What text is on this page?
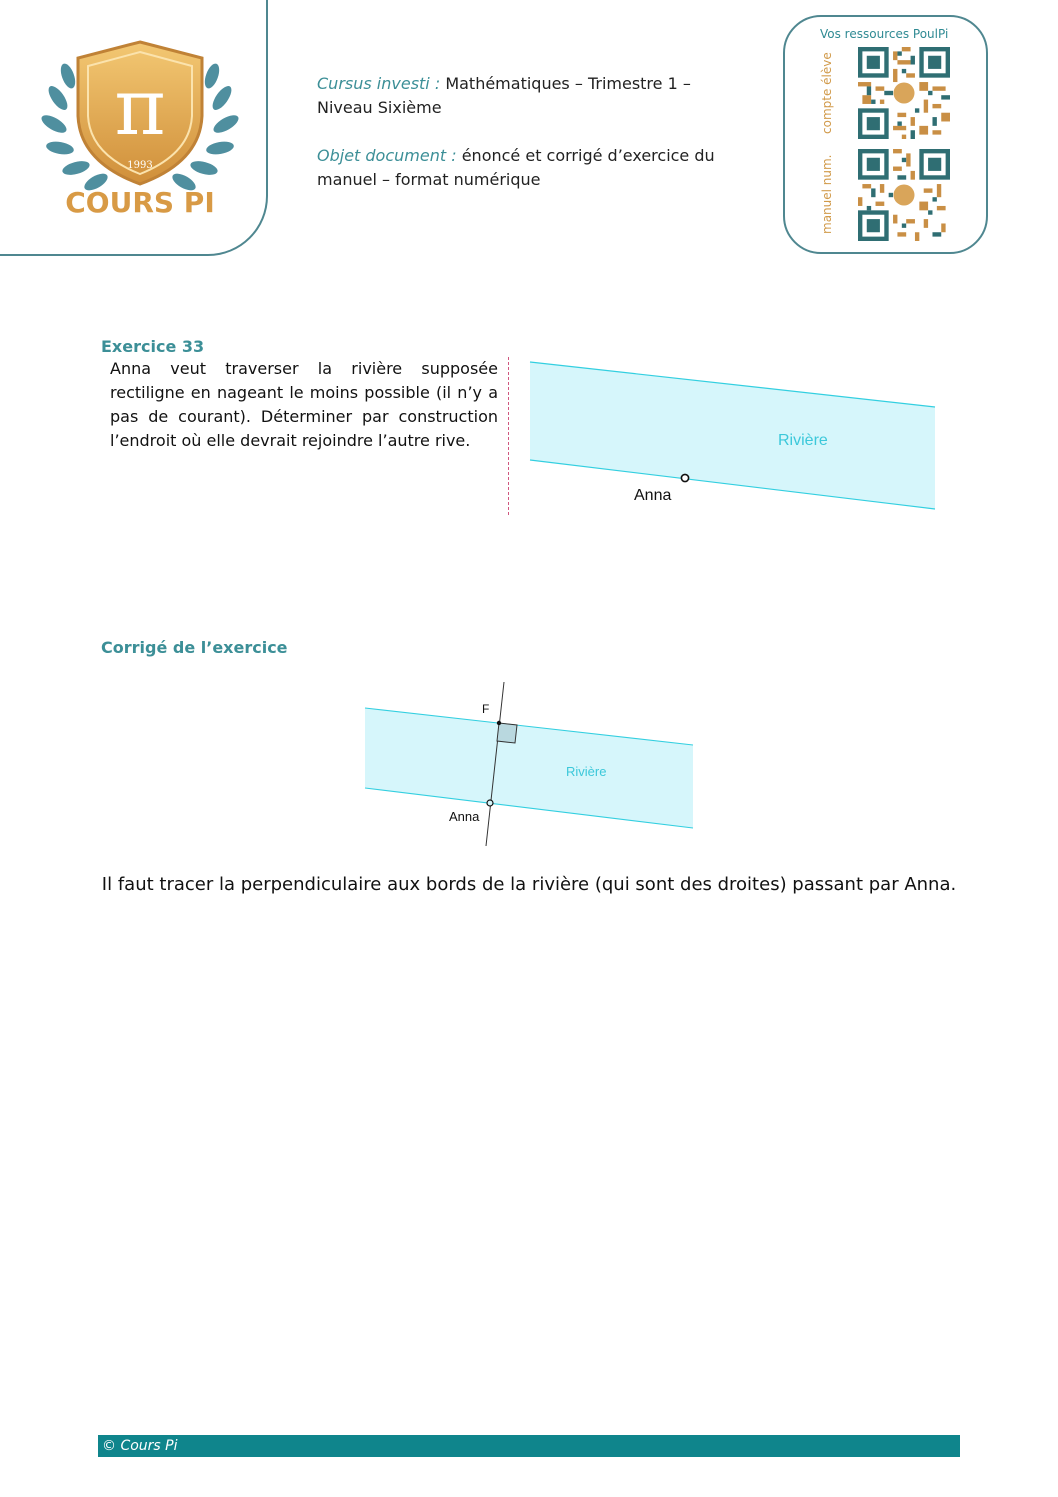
π
1993
COURS PI
Cursus investi : Mathématiques – Trimestre 1 –
Niveau Sixième
Objet document : énoncé et corrigé d’exercice du
manuel – format numérique
Vos ressources PoulPi
compte élève
manuel num.
Exercice 33
Anna veut traverser la rivière supposée rectiligne en nageant le moins possible (il n’y a pas de courant). Déterminer par construction l’endroit où elle devrait rejoindre l’autre rive.	Rivière
Anna
Corrigé de l’exercice
Rivière
F
Anna
Il faut tracer la perpendiculaire aux bords de la rivière (qui sont des droites) passant par Anna.
© Cours Pi
